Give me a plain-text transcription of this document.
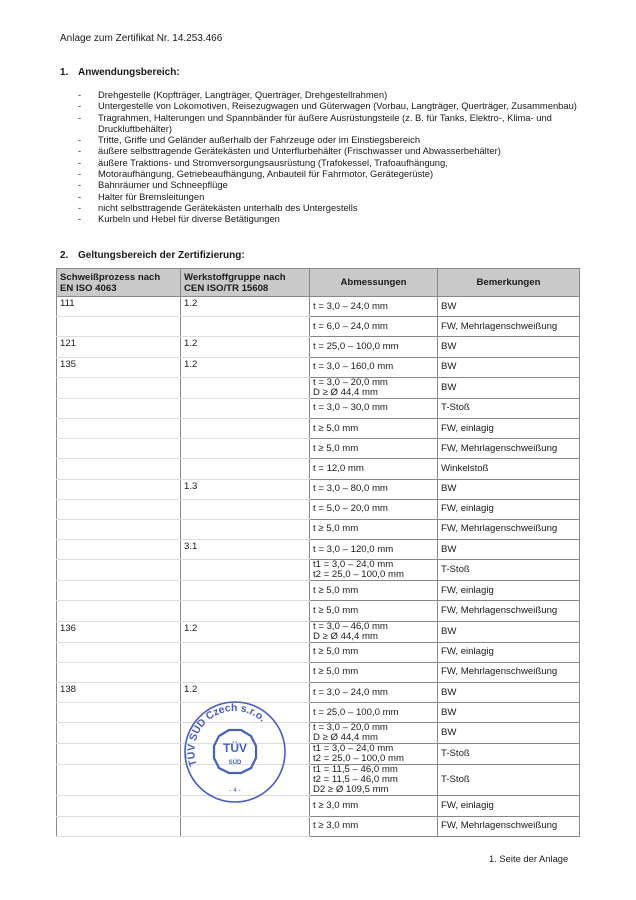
Anlage zum Zertifikat Nr. 14.253.466
1. Anwendungsbereich:
- Drehgestelle (Kopfträger, Langträger, Querträger, Drehgestellrahmen)
- Untergestelle von Lokomotiven, Reisezugwagen und Güterwagen (Vorbau, Langträger, Querträger, Zusammenbau)
- Tragrahmen, Halterungen und Spannbänder für äußere Ausrüstungsteile (z. B. für Tanks, Elektro-, Klima- und Druckluftbehälter)
- Tritte, Griffe und Geländer außerhalb der Fahrzeuge oder im Einstiegsbereich
- äußere selbsttragende Gerätekästen und Unterflurbehälter (Frischwasser und Abwasserbehälter)
- äußere Traktions- und Stromversorgungsausrüstung (Trafokessel, Trafoaufhängung,
- Motoraufhängung, Getriebeaufhängung, Anbauteil für Fahrmotor, Gerätegerüste)
- Bahnräumer und Schneepflüge
- Halter für Bremsleitungen
- nicht selbsttragende Gerätekästen unterhalb des Untergestells
- Kurbeln und Hebel für diverse Betätigungen
2. Geltungsbereich der Zertifizierung:
Schweißprozess nach
EN ISO 4063	Werkstoffgruppe nach
CEN ISO/TR 15608	Abmessungen	Bemerkungen

111	1.2	t = 3,0 – 24,0 mm	BW

		t = 6,0 – 24,0 mm	FW, Mehrlagenschweißung
121	1.2	t = 25,0 – 100,0 mm	BW
135	1.2	t = 3,0 – 160,0 mm	BW

		t = 3,0 – 20,0 mm
D ≥ Ø 44,4 mm	BW

		t = 3,0 – 30,0 mm	T-Stoß

		t ≥ 5,0 mm	FW, einlagig

		t ≥ 5,0 mm	FW, Mehrlagenschweißung

		t = 12,0 mm	Winkelstoß
	1.3	t = 3,0 – 80,0 mm	BW

		t = 5,0 – 20,0 mm	FW, einlagig

		t ≥ 5,0 mm	FW, Mehrlagenschweißung
	3.1	t = 3,0 – 120,0 mm	BW

		t1 = 3,0 – 24,0 mm
t2 = 25,0 – 100,0 mm	T-Stoß

		t ≥ 5,0 mm	FW, einlagig

		t ≥ 5,0 mm	FW, Mehrlagenschweißung
136	1.2	t = 3,0 – 46,0 mm
D ≥ Ø 44,4 mm	BW

		t ≥ 5,0 mm	FW, einlagig

		t ≥ 5,0 mm	FW, Mehrlagenschweißung
138	1.2	t = 3,0 – 24,0 mm	BW

		t = 25,0 – 100,0 mm	BW

		t = 3,0 – 20,0 mm
D ≥ Ø 44,4 mm	BW

		t1 = 3,0 – 24,0 mm
t2 = 25,0 – 100,0 mm	T-Stoß

		t1 = 11,5 – 46,0 mm
t2 = 11,5 – 46,0 mm
D2 ≥ Ø 109,5 mm	T-Stoß

		t ≥ 3,0 mm	FW, einlagig

		t ≥ 3,0 mm	FW, Mehrlagenschweißung
TÜV SÜD Czech s.r.o.
TÜV
SÜD
- 4 -
1. Seite der Anlage
